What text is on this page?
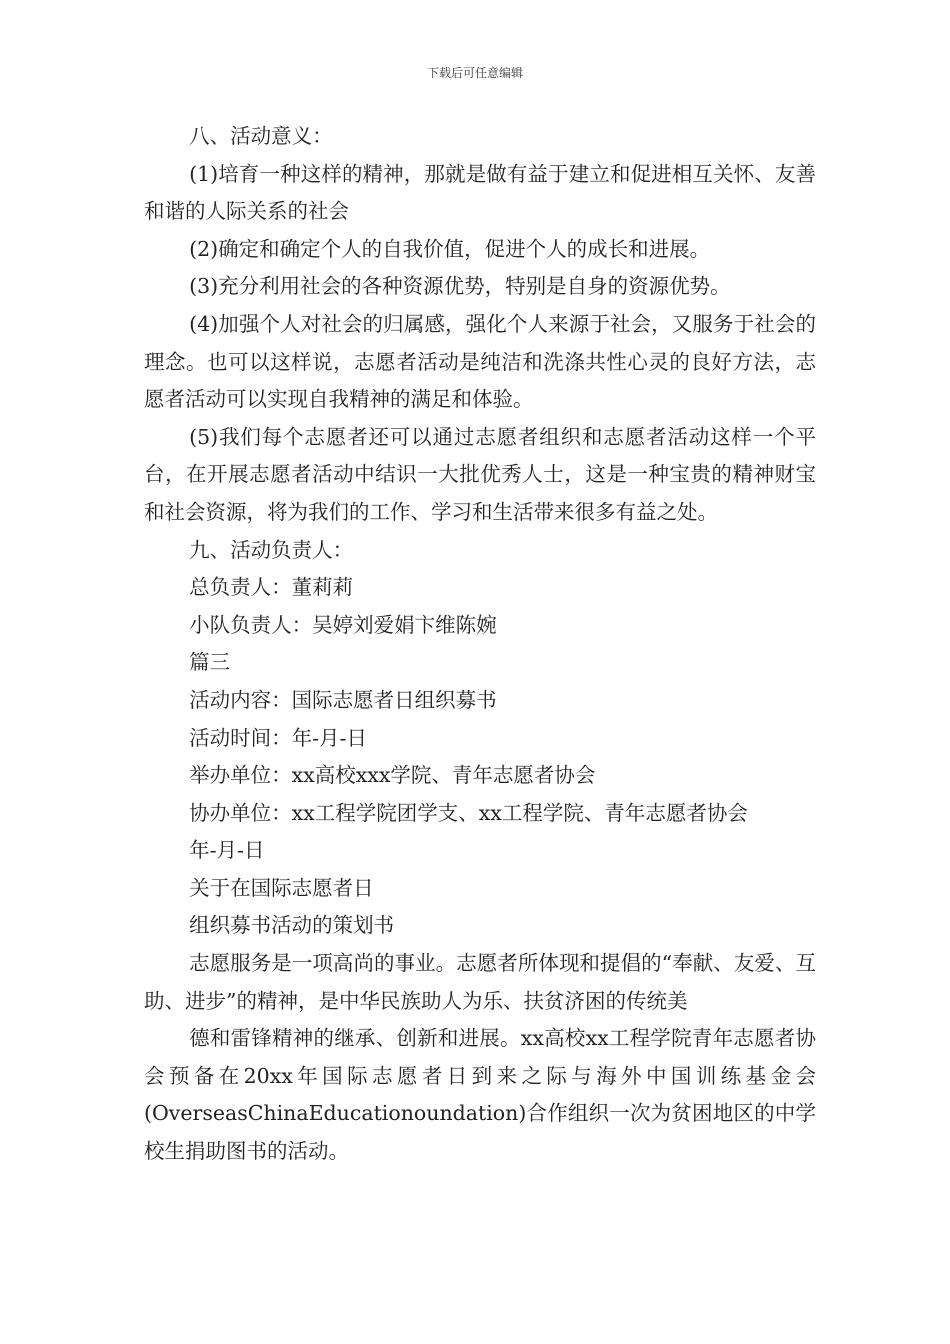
下载后可任意编辑

八、活动意义：

(1)培育一种这样的精神，那就是做有益于建立和促进相互关怀、友善和谐的人际关系的社会

(2)确定和确定个人的自我价值，促进个人的成长和进展。

(3)充分利用社会的各种资源优势，特别是自身的资源优势。

(4)加强个人对社会的归属感，强化个人来源于社会，又服务于社会的理念。也可以这样说，志愿者活动是纯洁和洗涤共性心灵的良好方法，志愿者活动可以实现自我精神的满足和体验。

(5)我们每个志愿者还可以通过志愿者组织和志愿者活动这样一个平台，在开展志愿者活动中结识一大批优秀人士，这是一种宝贵的精神财宝和社会资源，将为我们的工作、学习和生活带来很多有益之处。

九、活动负责人：

总负责人：董莉莉

小队负责人：吴婷刘爱娟卞维陈婉

篇三

活动内容：国际志愿者日组织募书

活动时间：年-月-日

举办单位：xx高校xxx学院、青年志愿者协会

协办单位：xx工程学院团学支、xx工程学院、青年志愿者协会

年-月-日

关于在国际志愿者日

组织募书活动的策划书

志愿服务是一项高尚的事业。志愿者所体现和提倡的“奉献、友爱、互助、进步”的精神，是中华民族助人为乐、扶贫济困的传统美

德和雷锋精神的继承、创新和进展。xx高校xx工程学院青年志愿者协会预备在20xx年国际志愿者日到来之际与海外中国训练基金会(OverseasChinaEducationoundation)合作组织一次为贫困地区的中学校生捐助图书的活动。
